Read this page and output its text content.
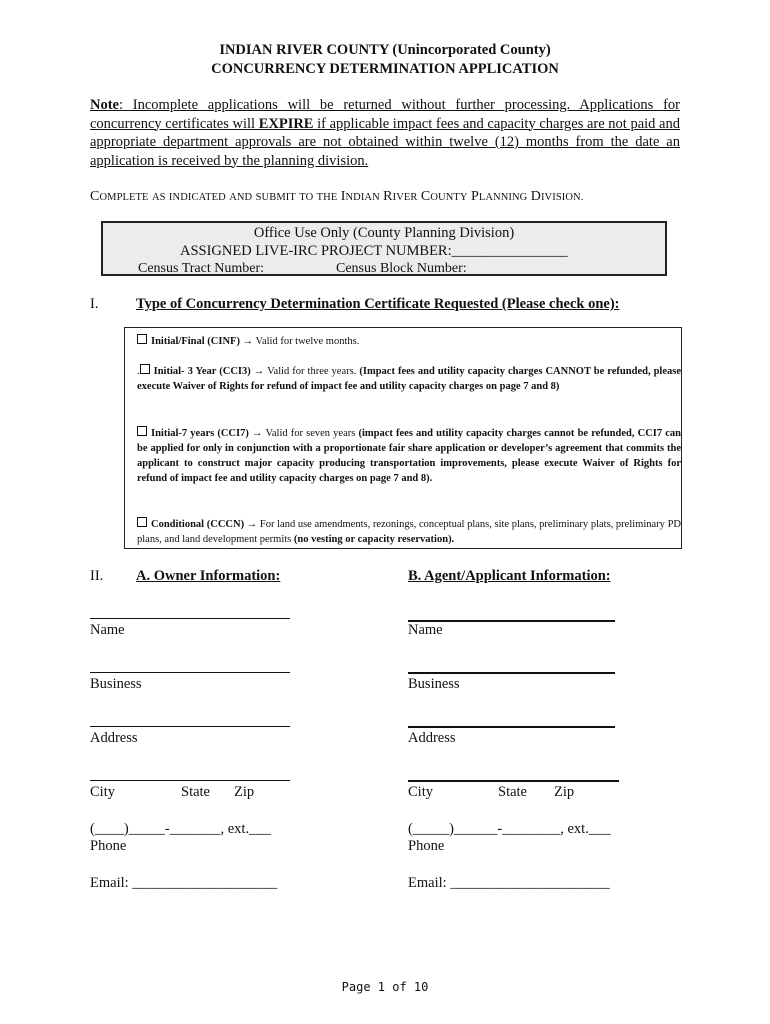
INDIAN RIVER COUNTY (Unincorporated County)
CONCURRENCY DETERMINATION APPLICATION
Note: Incomplete applications will be returned without further processing. Applications for concurrency certificates will EXPIRE if applicable impact fees and capacity charges are not paid and appropriate department approvals are not obtained within twelve (12) months from the date an application is received by the planning division.
COMPLETE AS INDICATED AND SUBMIT TO THE INDIAN RIVER COUNTY PLANNING DIVISION.
Office Use Only (County Planning Division)
ASSIGNED LIVE-IRC PROJECT NUMBER:________________
Census Tract Number:	Census Block Number:
I.	Type of Concurrency Determination Certificate Requested (Please check one):
Initial/Final (CINF) → Valid for twelve months.
. Initial- 3 Year (CCI3) → Valid for three years. (Impact fees and utility capacity charges CANNOT be refunded, please execute Waiver of Rights for refund of impact fee and utility capacity charges on page 7 and 8)
Initial-7 years (CCI7) → Valid for seven years (impact fees and utility capacity charges cannot be refunded, CCI7 can be applied for only in conjunction with a proportionate fair share application or developer’s agreement that commits the applicant to construct major capacity producing transportation improvements, please execute Waiver of Rights for refund of impact fee and utility capacity charges on page 7 and 8).
Conditional (CCCN) → For land use amendments, rezonings, conceptual plans, site plans, preliminary plats, preliminary PD plans, and land development permits (no vesting or capacity reservation).
II. A. Owner Information:	B. Agent/Applicant Information:
Name
Business
Address
City	State Zip
(____)_____-_______, ext.___
Phone
Email: ____________________
Name
Business
Address
City	State Zip
(_____)______-________, ext.___
Phone
Email: ______________________
Page 1 of 10
